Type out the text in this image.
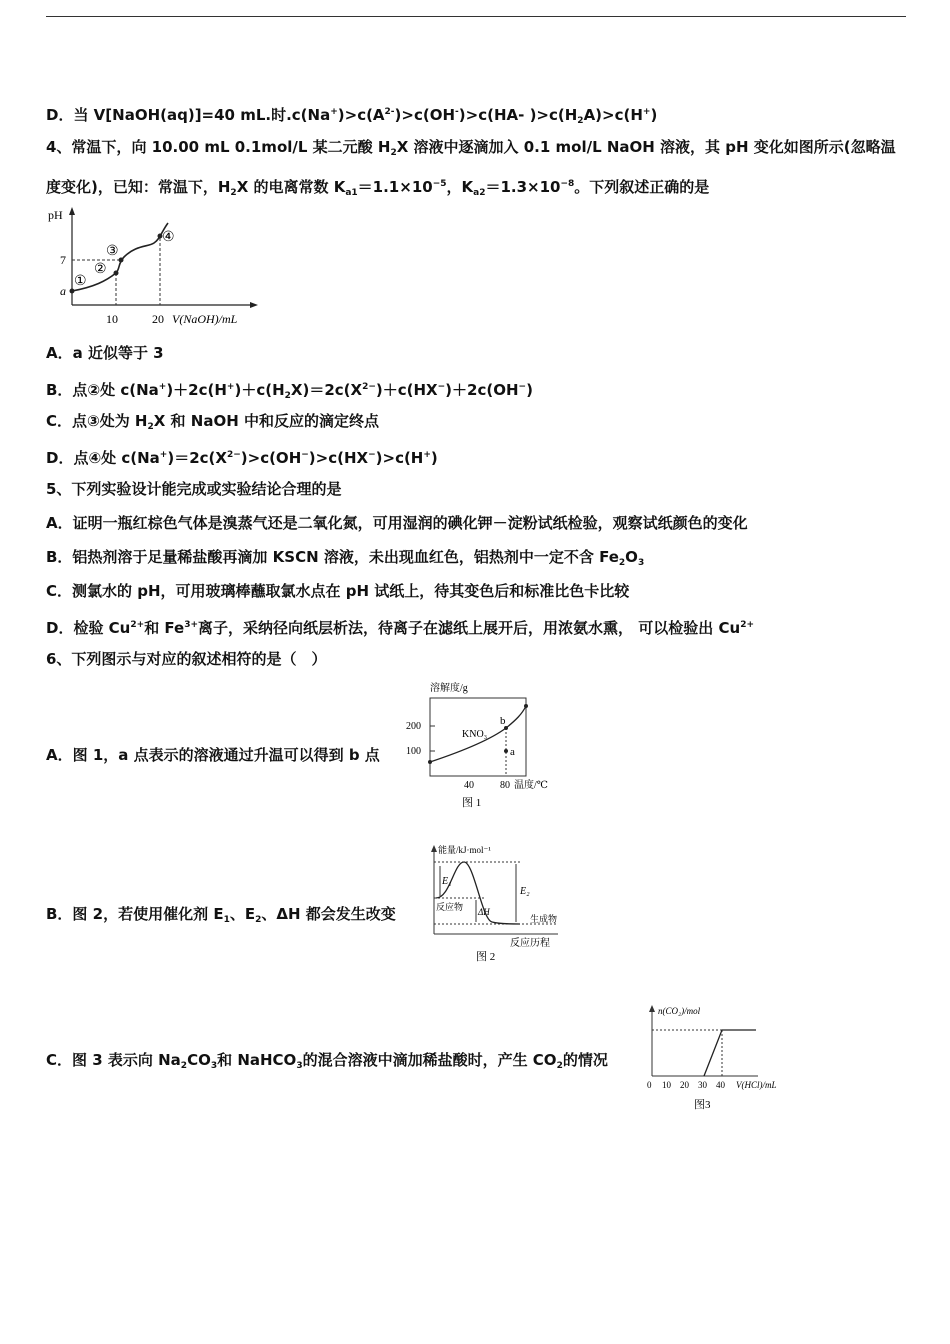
D．当 V[NaOH(aq)]=40 mL.时$.c(Na^+)>c(A^{2-})>c(OH^-)>c(HA-$ )$>c(H_2A)>c(H^+)$
4、常温下，向 10.00 mL 0.1mol/L 某二元酸 $H_2X$ 溶液中逐滴加入 0.1 mol/L NaOH 溶液，其 pH 变化如图所示(忽略温
度变化)，已知：常温下，$H_2X$ 的电离常数 $K_{a1}=1.1\times 10^{-5}$，$K_{a2}=1.3\times 10^{-8}$。下列叙述正确的是
pH
7
a
①
②
③
④
10	20 V(NaOH)/mL
A．a 近似等于 3
B．点②处 $c(Na^+)+2c(H^+)+c(H_2X)=2c(X^{2-})+c(HX^-)+2c(OH^-)$
C．点③处为 $H_2X$ 和 NaOH 中和反应的滴定终点
D．点④处 $c(Na^+)=2c(X^{2-})>c(OH^-)>c(HX^-)>c(H^+)$
5、下列实验设计能完成或实验结论合理的是
A．证明一瓶红棕色气体是溴蒸气还是二氧化氮，可用湿润的碘化钾－淀粉试纸检验，观察试纸颜色的变化
B．铝热剂溶于足量稀盐酸再滴加 KSCN 溶液，未出现血红色，铝热剂中一定不含 $Fe_2O_3$
C．测氯水的 pH，可用玻璃棒蘸取氯水点在 pH 试纸上，待其变色后和标准比色卡比较
D．检验 $Cu^{2+}$和 $Fe^{3+}$离子，采纳径向纸层析法，待离子在滤纸上展开后，用浓氨水熏， 可以检验出 $Cu^{2+}$
6、下列图示与对应的叙述相符的是（　）
A．图 1，a 点表示的溶液通过升温可以得到 b 点
溶解度/g
200
100
KNO₃
b
a
40	80 温度/℃
图 1
B．图 2，若使用催化剂 $E_1$、$E_2$、ΔH 都会发生改变
能量/kJ·mol⁻¹
E₁
E₂
ΔH
反应物
生成物
反应历程
图 2
C．图 3 表示向 $Na_2CO_3$和 NaHCO$_3$的混合溶液中滴加稀盐酸时，产生 $CO_2$的情况
n(CO₂)/mol
0 10 20 30 40 V(HCl)/mL
图3
